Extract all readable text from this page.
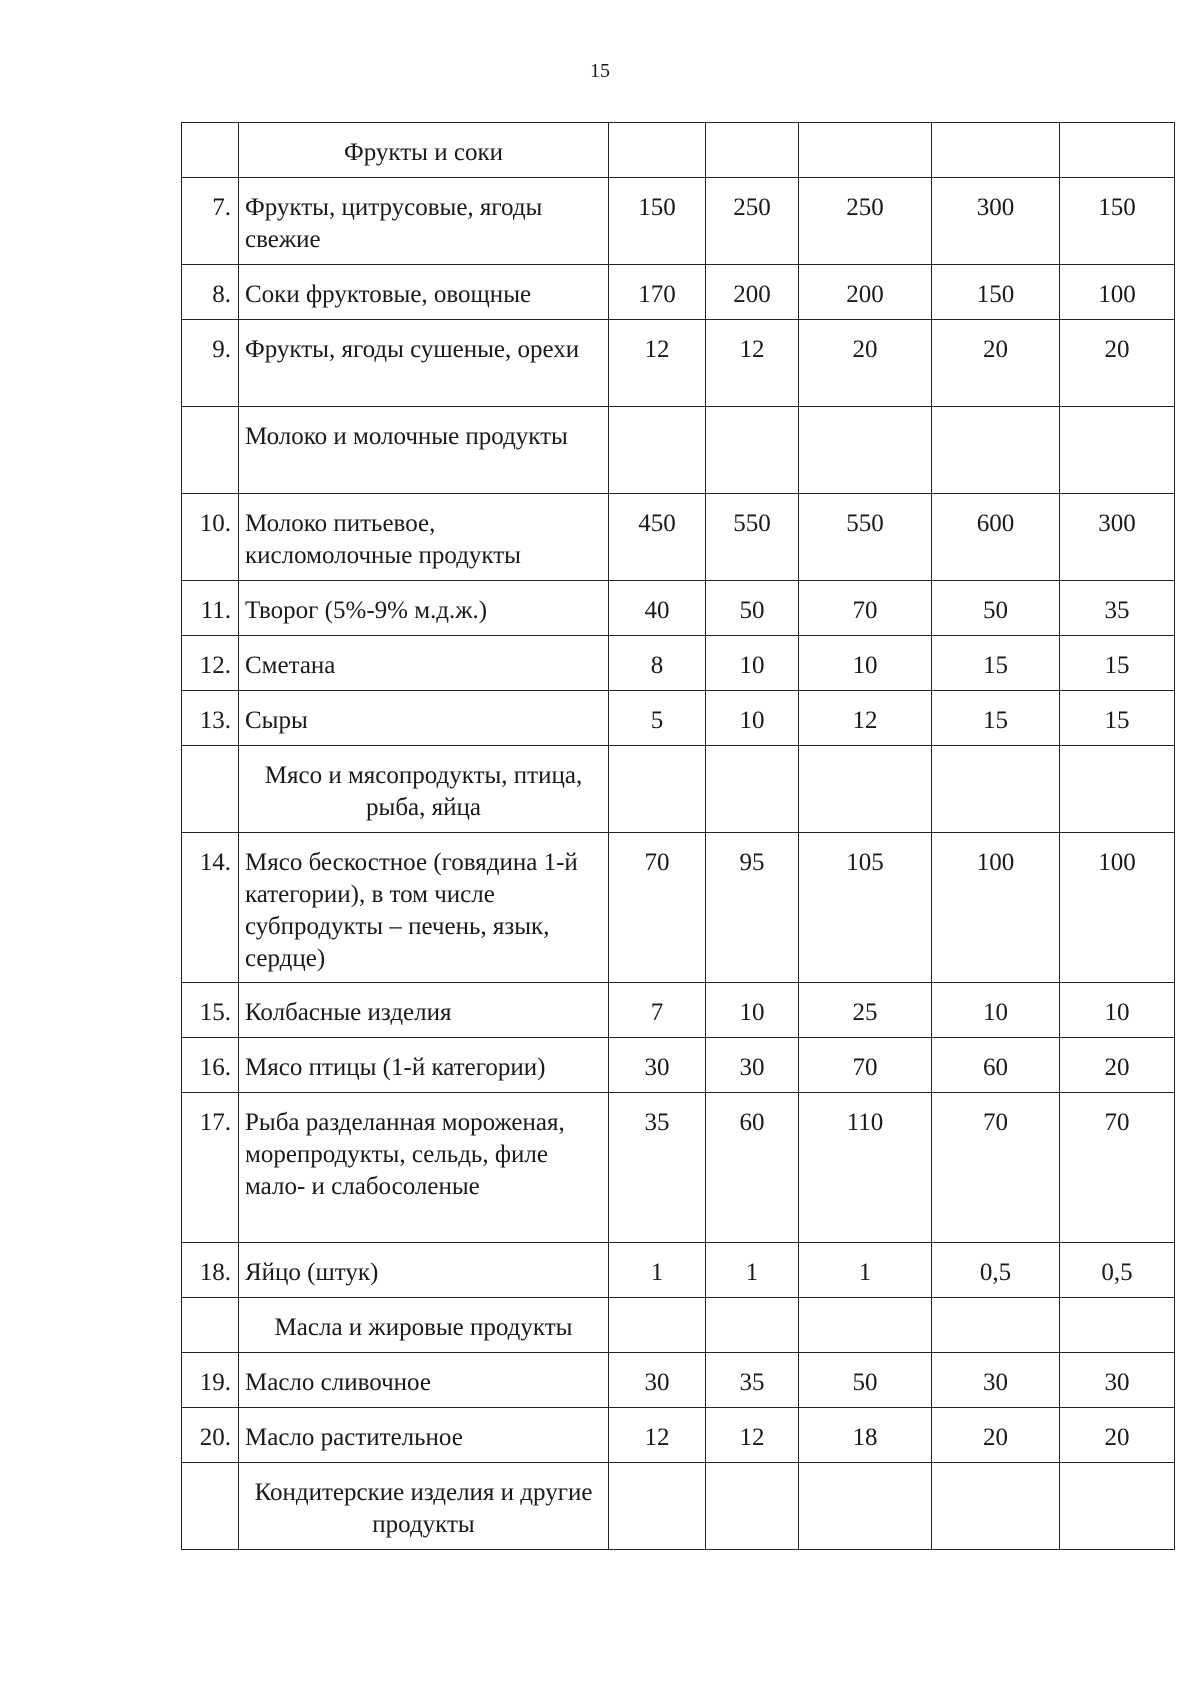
15
	Фрукты и соки					
7.	Фрукты, цитрусовые, ягоды свежие	150	250	250	300	150
8.	Соки фруктовые, овощные	170	200	200	150	100
9.	Фрукты, ягоды сушеные, орехи	12	12	20	20	20
	Молоко и молочные продукты					
10.	Молоко питьевое, кисломолочные продукты	450	550	550	600	300
11.	Творог (5%-9% м.д.ж.)	40	50	70	50	35
12.	Сметана	8	10	10	15	15
13.	Сыры	5	10	12	15	15
	Мясо и мясопродукты, птица, рыба, яйца					
14.	Мясо бескостное (говядина 1-й категории), в том числе субпродукты – печень, язык, сердце)	70	95	105	100	100
15.	Колбасные изделия	7	10	25	10	10
16.	Мясо птицы (1-й категории)	30	30	70	60	20
17.	Рыба разделанная мороженая, морепродукты, сельдь, филе мало- и слабосоленые	35	60	110	70	70
18.	Яйцо (штук)	1	1	1	0,5	0,5
	Масла и жировые продукты					
19.	Масло сливочное	30	35	50	30	30
20.	Масло растительное	12	12	18	20	20
	Кондитерские изделия и другие продукты					
